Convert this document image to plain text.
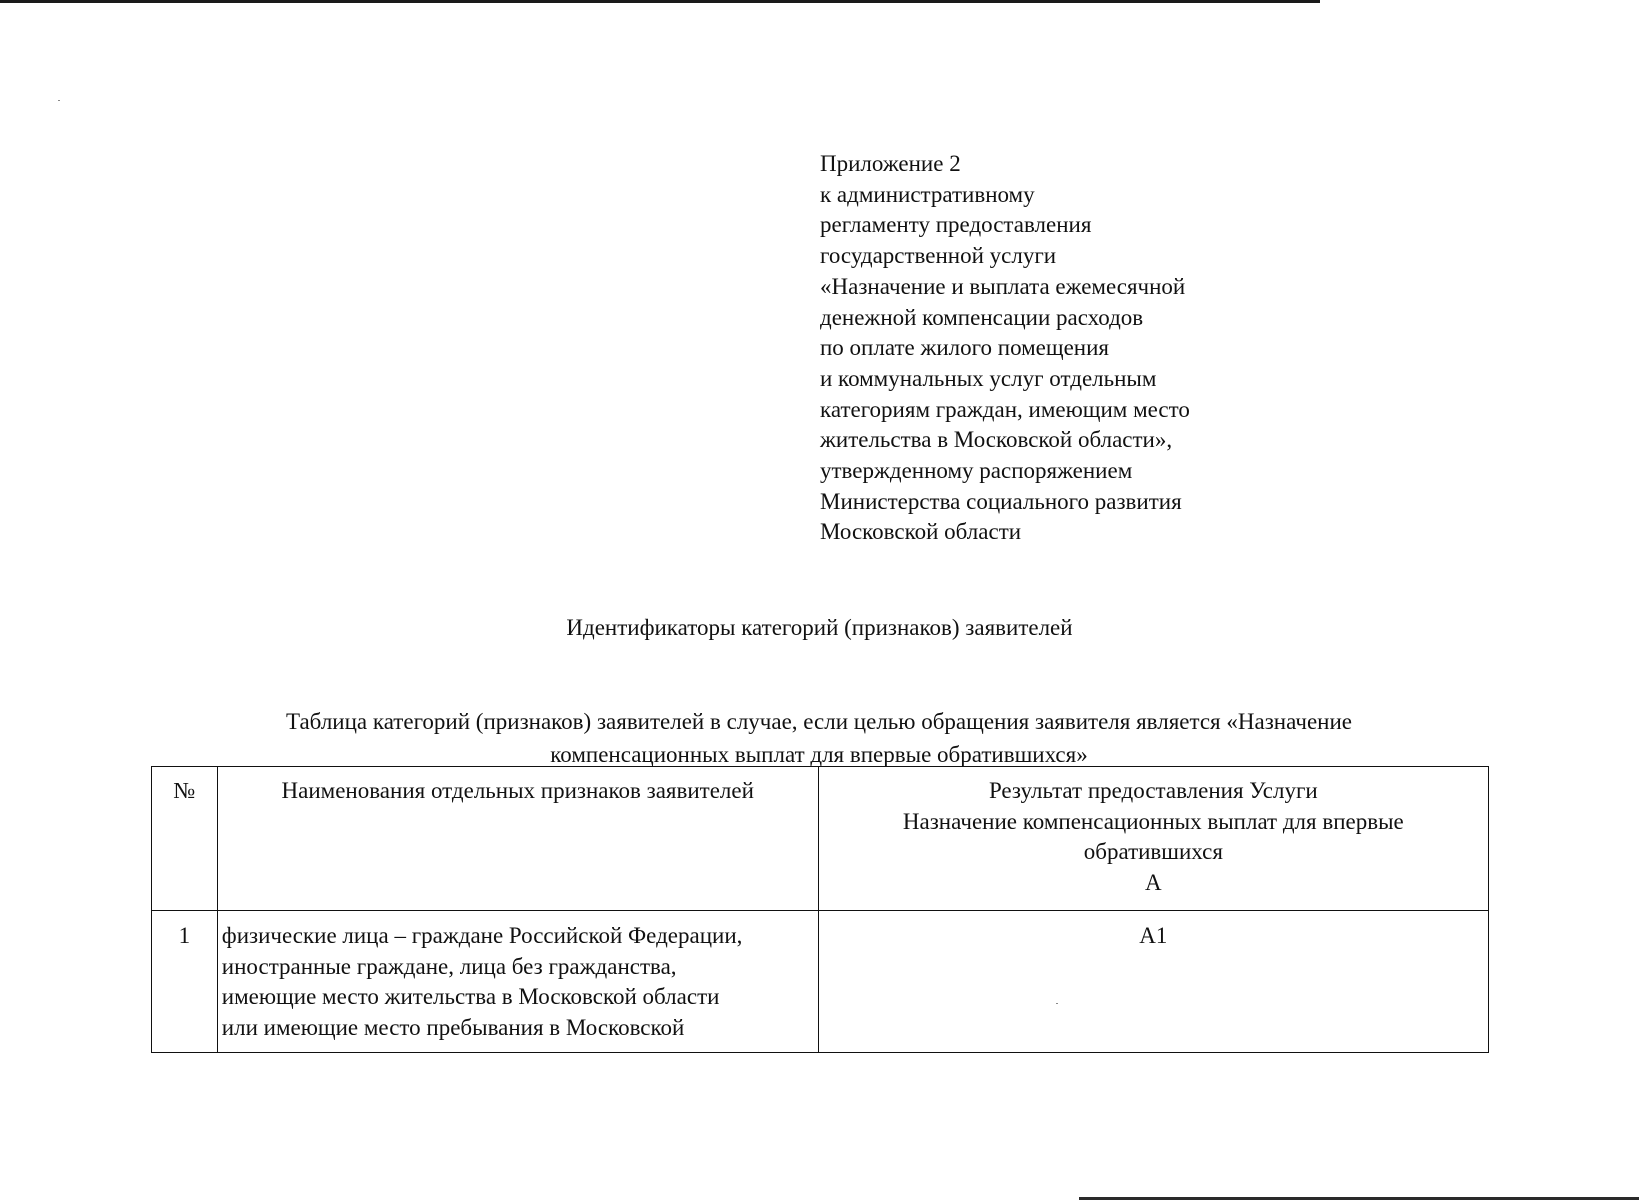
Приложение 2
к административному
регламенту предоставления
государственной услуги
«Назначение и выплата ежемесячной
денежной компенсации расходов
по оплате жилого помещения
и коммунальных услуг отдельным
категориям граждан, имеющим место
жительства в Московской области»,
утвержденному распоряжением
Министерства социального развития
Московской области
Идентификаторы категорий (признаков) заявителей
Таблица категорий (признаков) заявителей в случае, если целью обращения заявителя является «Назначение
компенсационных выплат для впервые обратившихся»
№	Наименования отдельных признаков заявителей	Результат предоставления Услуги
Назначение компенсационных выплат для впервые
обратившихся
А

1	физические лица – граждане Российской Федерации,
иностранные граждане, лица без гражданства,
имеющие место жительства в Московской области
или имеющие место пребывания в Московской	А1
